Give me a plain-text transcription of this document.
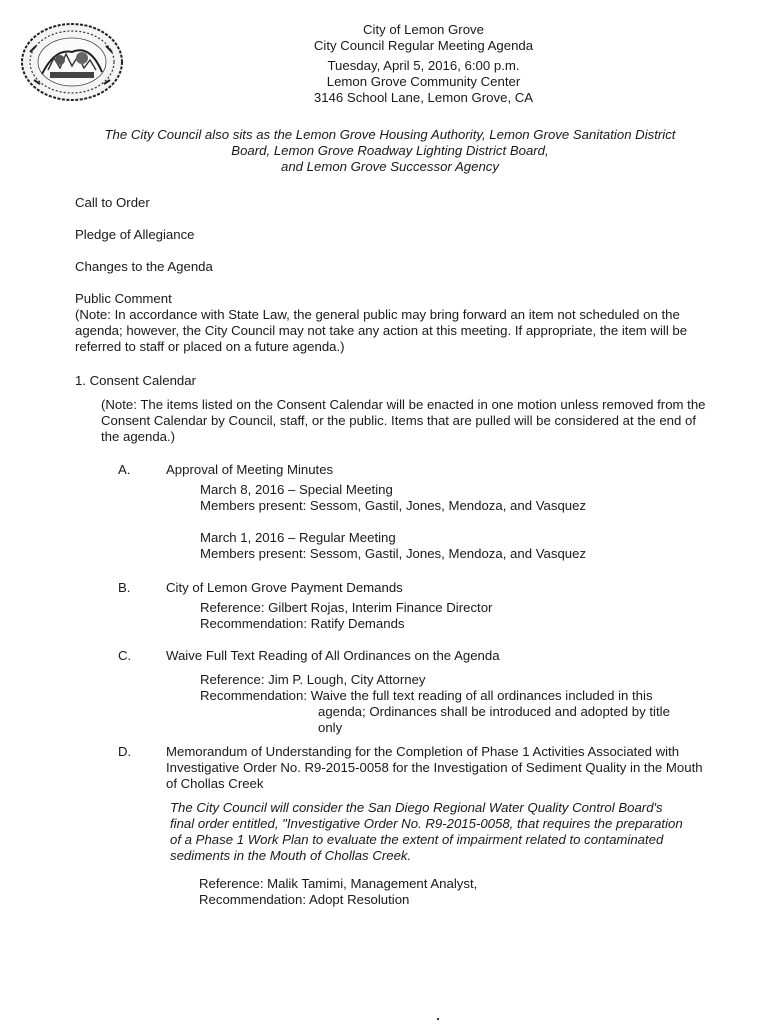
City of Lemon Grove
City Council Regular Meeting Agenda
Tuesday, April 5, 2016, 6:00 p.m.
Lemon Grove Community Center
3146 School Lane, Lemon Grove, CA
The City Council also sits as the Lemon Grove Housing Authority, Lemon Grove Sanitation District
Board, Lemon Grove Roadway Lighting District Board,
and Lemon Grove Successor Agency
Call to Order
Pledge of Allegiance
Changes to the Agenda
Public Comment
(Note: In accordance with State Law, the general public may bring forward an item not scheduled on the agenda; however, the City Council may not take any action at this meeting. If appropriate, the item will be referred to staff or placed on a future agenda.)
1. Consent Calendar
(Note: The items listed on the Consent Calendar will be enacted in one motion unless removed from the Consent Calendar by Council, staff, or the public. Items that are pulled will be considered at the end of the agenda.)
A.	Approval of Meeting Minutes
March 8, 2016 – Special Meeting
Members present: Sessom, Gastil, Jones, Mendoza, and Vasquez
March 1, 2016 – Regular Meeting
Members present: Sessom, Gastil, Jones, Mendoza, and Vasquez
B.	City of Lemon Grove Payment Demands
Reference: Gilbert Rojas, Interim Finance Director
Recommendation: Ratify Demands
C.	Waive Full Text Reading of All Ordinances on the Agenda
Reference: Jim P. Lough, City Attorney
Recommendation: Waive the full text reading of all ordinances included in this
agenda; Ordinances shall be introduced and adopted by title
only
D.	Memorandum of Understanding for the Completion of Phase 1 Activities Associated with Investigative Order No. R9-2015-0058 for the Investigation of Sediment Quality in the Mouth of Chollas Creek
The City Council will consider the San Diego Regional Water Quality Control Board's final order entitled, "Investigative Order No. R9-2015-0058, that requires the preparation of a Phase 1 Work Plan to evaluate the extent of impairment related to contaminated sediments in the Mouth of Chollas Creek.
Reference: Malik Tamimi, Management Analyst,
Recommendation: Adopt Resolution
